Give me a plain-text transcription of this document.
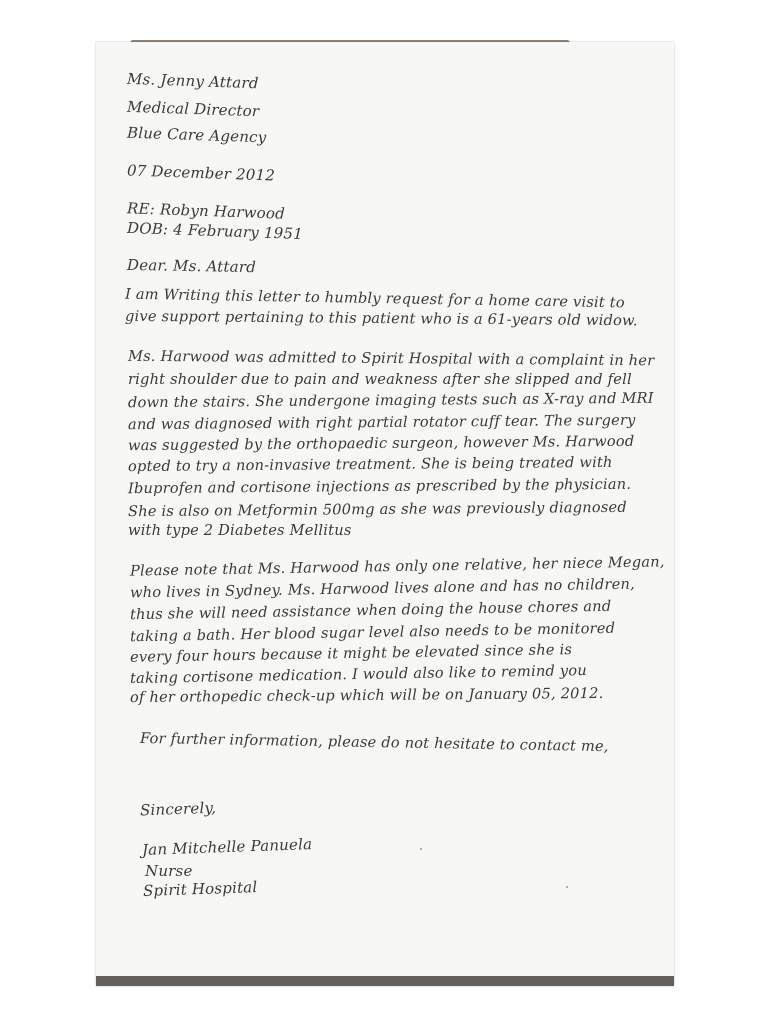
Ms. Jenny Attard
Medical Director
Blue Care Agency
07 December 2012
RE: Robyn Harwood
DOB: 4 February 1951
Dear. Ms. Attard
I am Writing this letter to humbly request for a home care visit to
give support pertaining to this patient who is a 61-years old widow.
Ms. Harwood was admitted to Spirit Hospital with a complaint in her
right shoulder due to pain and weakness after she slipped and fell
down the stairs. She undergone imaging tests such as X-ray and MRI
and was diagnosed with right partial rotator cuff tear. The surgery
was suggested by the orthopaedic surgeon, however Ms. Harwood
opted to try a non-invasive treatment. She is being treated with
Ibuprofen and cortisone injections as prescribed by the physician.
She is also on Metformin 500mg as she was previously diagnosed
with type 2 Diabetes Mellitus
Please note that Ms. Harwood has only one relative, her niece Megan,
who lives in Sydney. Ms. Harwood lives alone and has no children,
thus she will need assistance when doing the house chores and
taking a bath. Her blood sugar level also needs to be monitored
every four hours because it might be elevated since she is
taking cortisone medication. I would also like to remind you
of her orthopedic check-up which will be on January 05, 2012.
For further information, please do not hesitate to contact me,
Sincerely,
Jan Mitchelle Panuela
Nurse
Spirit Hospital
